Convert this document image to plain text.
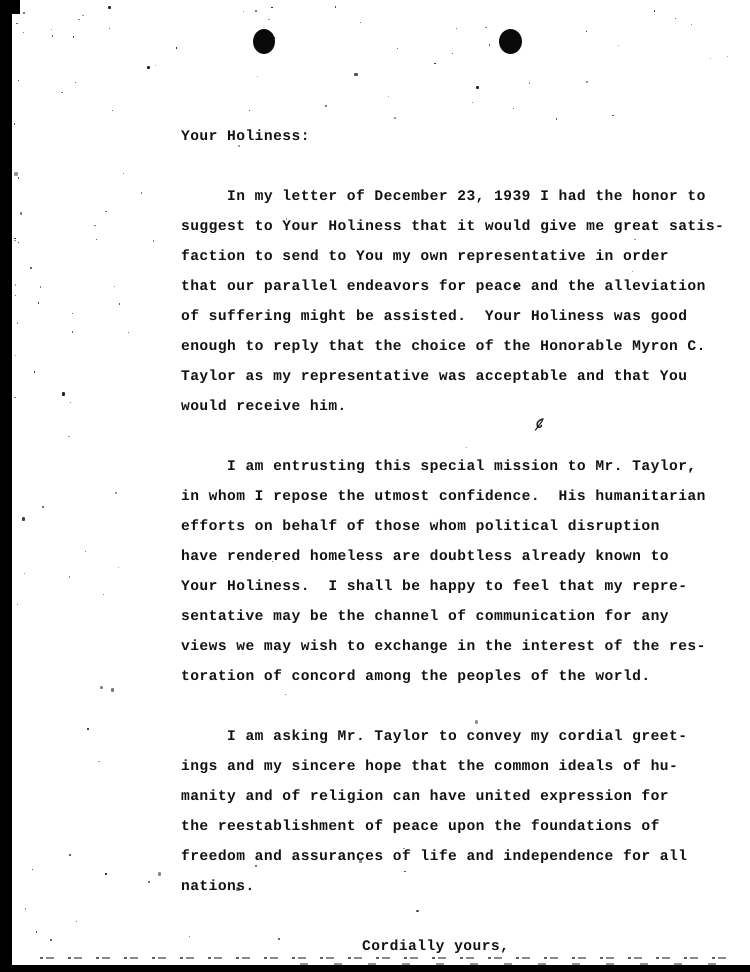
Your Holiness:

In my letter of December 23, 1939 I had the honor to
suggest to Your Holiness that it would give me great satis-
faction to send to You my own representative in order
that our parallel endeavors for peace and the alleviation
of suffering might be assisted.  Your Holiness was good
enough to reply that the choice of the Honorable Myron C.
Taylor as my representative was acceptable and that You
would receive him.

I am entrusting this special mission to Mr. Taylor,
in whom I repose the utmost confidence.  His humanitarian
efforts on behalf of those whom political disruption
have rendered homeless are doubtless already known to
Your Holiness.  I shall be happy to feel that my repre-
sentative may be the channel of communication for any
views we may wish to exchange in the interest of the res-
toration of concord among the peoples of the world.

I am asking Mr. Taylor to convey my cordial greet-
ings and my sincere hope that the common ideals of hu-
manity and of religion can have united expression for
the reestablishment of peace upon the foundations of
freedom and assurances of life and independence for all
nations.

Cordially yours,
